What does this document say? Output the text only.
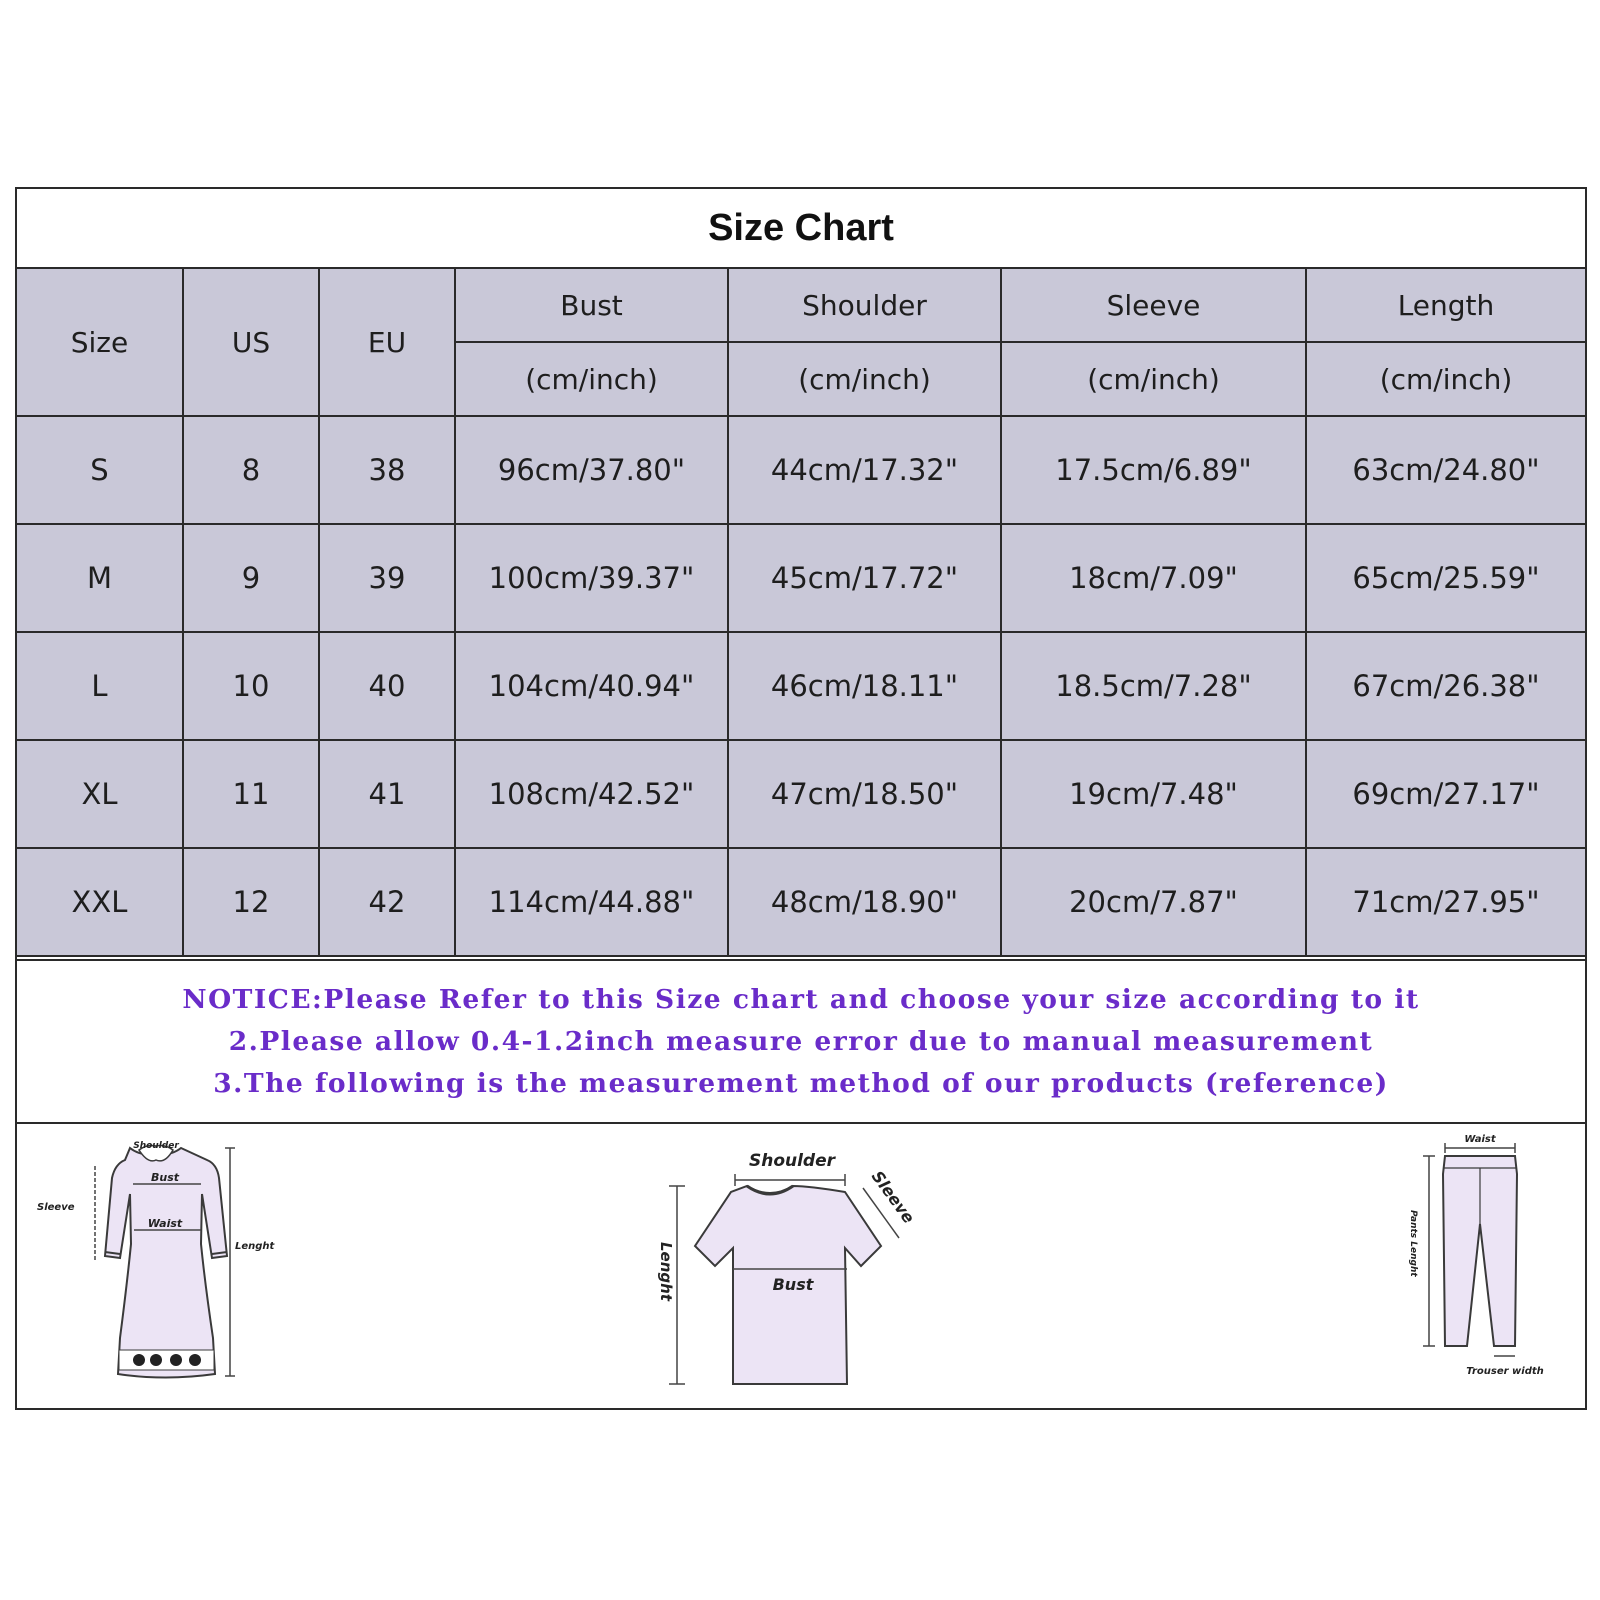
Size Chart
Size	US	EU	Bust	Shoulder	Sleeve	Length
			(cm/inch)	(cm/inch)	(cm/inch)	(cm/inch)
S	8	38	96cm/37.80"	44cm/17.32"	17.5cm/6.89"	63cm/24.80"
M	9	39	100cm/39.37"	45cm/17.72"	18cm/7.09"	65cm/25.59"
L	10	40	104cm/40.94"	46cm/18.11"	18.5cm/7.28"	67cm/26.38"
XL	11	41	108cm/42.52"	47cm/18.50"	19cm/7.48"	69cm/27.17"
XXL	12	42	114cm/44.88"	48cm/18.90"	20cm/7.87"	71cm/27.95"
NOTICE:Please Refer to this Size chart and choose your size according to it
2.Please allow 0.4-1.2inch measure error due to manual measurement
3.The following is the measurement method of our products (reference)
Shoulder
Bust
Waist
Sleeve
Lenght
Shoulder
Sleeve
Bust
Lenght
Waist
Pants Lenght
Trouser width
